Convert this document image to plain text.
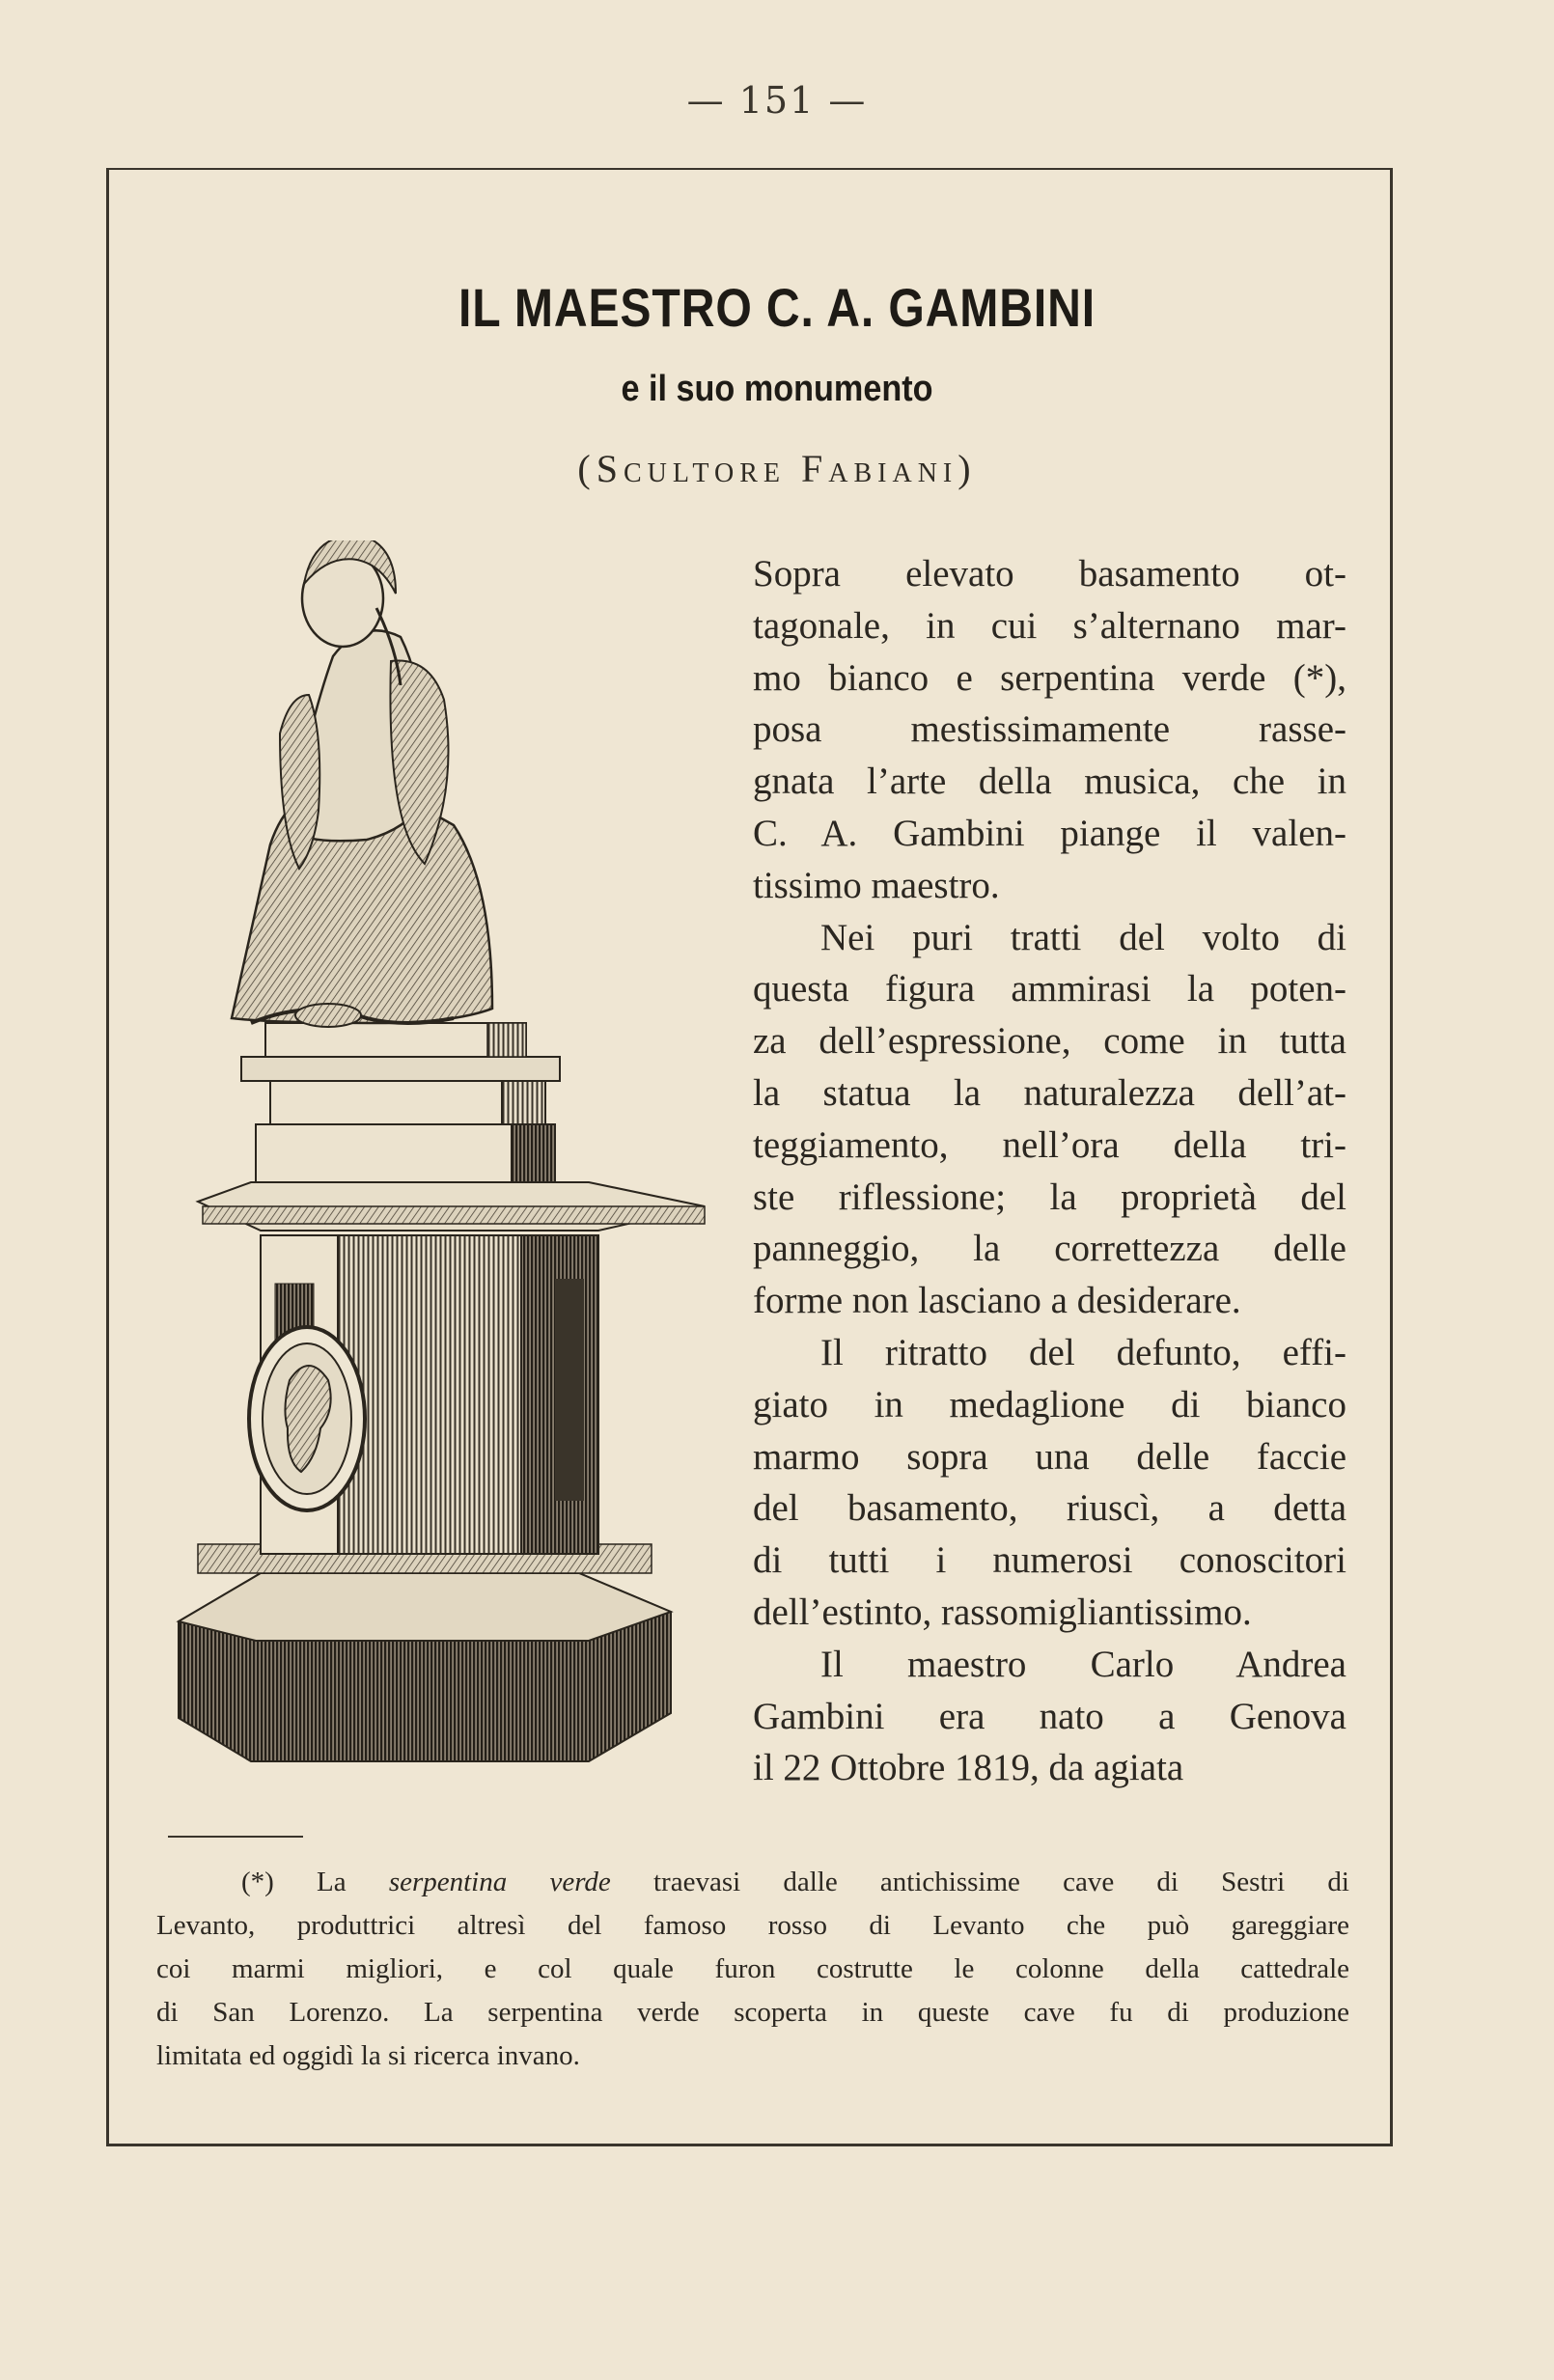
— 151 —
IL MAESTRO C. A. GAMBINI
e il suo monumento
(Scultore Fabiani)
Sopra elevato basamento ot-
tagonale, in cui s’alternano mar-
mo bianco e serpentina verde (*),
posa mestissimamente rasse-
gnata l’arte della musica, che in
C. A. Gambini piange il valen-
tissimo maestro.
Nei puri tratti del volto di
questa figura ammirasi la poten-
za dell’espressione, come in tutta
la statua la naturalezza dell’at-
teggiamento, nell’ora della tri-
ste riflessione; la proprietà del
panneggio, la correttezza delle
forme non lasciano a desiderare.
Il ritratto del defunto, effi-
giato in medaglione di bianco
marmo sopra una delle faccie
del basamento, riuscì, a detta
di tutti i numerosi conoscitori
dell’estinto, rassomigliantissimo.
Il maestro Carlo Andrea
Gambini era nato a Genova
il 22 Ottobre 1819, da agiata
(*) La serpentina verde traevasi dalle antichissime cave di Sestri di
Levanto, produttrici altresì del famoso rosso di Levanto che può gareggiare
coi marmi migliori, e col quale furon costrutte le colonne della cattedrale
di San Lorenzo. La serpentina verde scoperta in queste cave fu di produzione
limitata ed oggidì la si ricerca invano.
